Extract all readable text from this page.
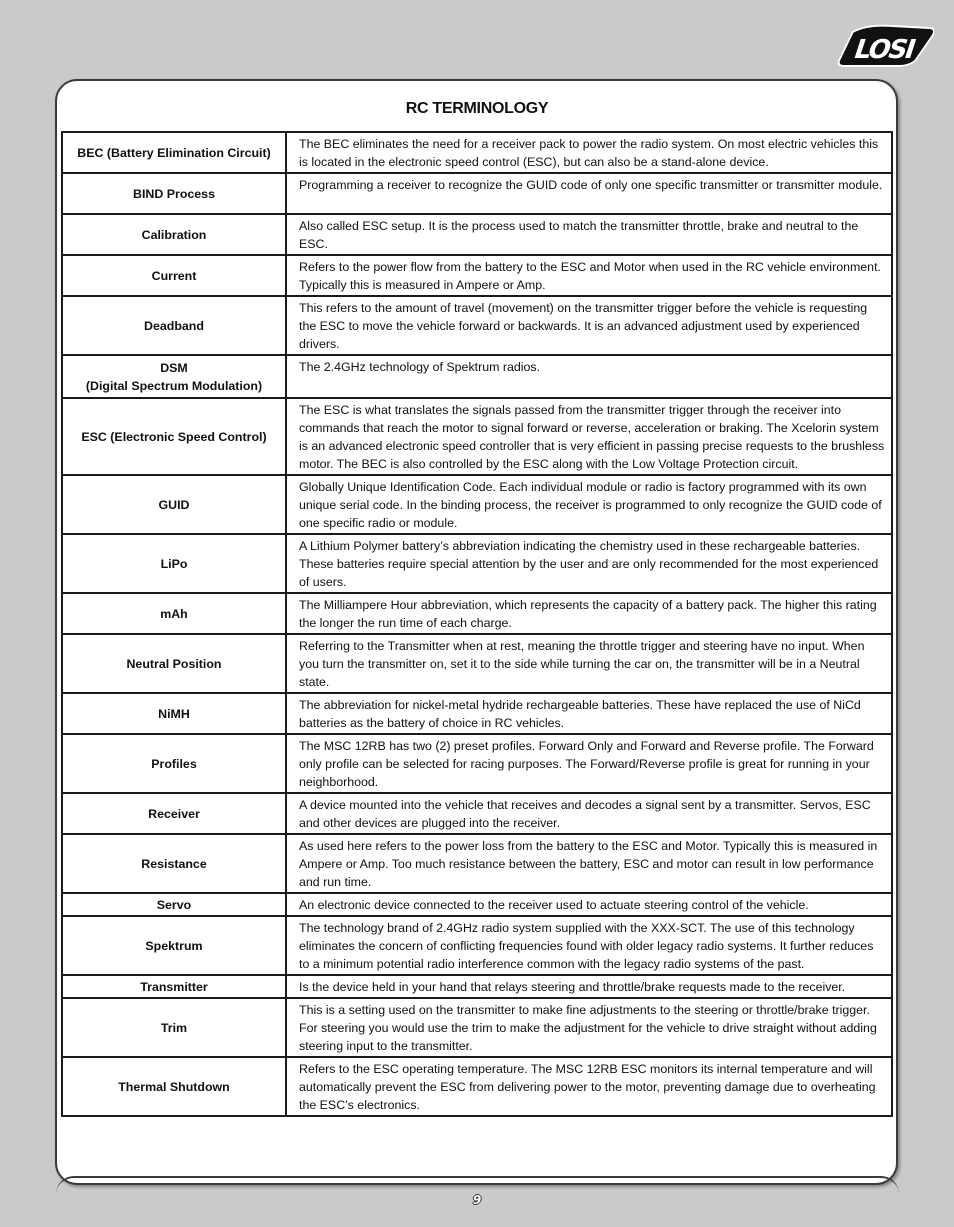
LOSI
RC TERMINOLOGY
BEC (Battery Elimination Circuit)	The BEC eliminates the need for a receiver pack to power the radio system. On most electric vehicles this is located in the electronic speed control (ESC), but can also be a stand-alone device.
BIND Process	Programming a receiver to recognize the GUID code of only one specific transmitter or transmitter module.
Calibration	Also called ESC setup. It is the process used to match the transmitter throttle, brake and neutral to the ESC.
Current	Refers to the power flow from the battery to the ESC and Motor when used in the RC vehicle environment. Typically this is measured in Ampere or Amp.
Deadband	This refers to the amount of travel (movement) on the transmitter trigger before the vehicle is requesting the ESC to move the vehicle forward or backwards. It is an advanced adjustment used by experienced drivers.
DSM
(Digital Spectrum Modulation)	The 2.4GHz technology of Spektrum radios.
ESC (Electronic Speed Control)	The ESC is what translates the signals passed from the transmitter trigger through the receiver into commands that reach the motor to signal forward or reverse, acceleration or braking. The Xcelorin system is an advanced electronic speed controller that is very efficient in passing precise requests to the brushless motor. The BEC is also controlled by the ESC along with the Low Voltage Protection circuit.
GUID	Globally Unique Identification Code. Each individual module or radio is factory programmed with its own unique serial code. In the binding process, the receiver is programmed to only recognize the GUID code of one specific radio or module.
LiPo	A Lithium Polymer battery’s abbreviation indicating the chemistry used in these rechargeable batteries. These batteries require special attention by the user and are only recommended for the most experienced of users.
mAh	The Milliampere Hour abbreviation, which represents the capacity of a battery pack. The higher this rating the longer the run time of each charge.
Neutral Position	Referring to the Transmitter when at rest, meaning the throttle trigger and steering have no input. When you turn the transmitter on, set it to the side while turning the car on, the transmitter will be in a Neutral state.
NiMH	The abbreviation for nickel-metal hydride rechargeable batteries. These have replaced the use of NiCd batteries as the battery of choice in RC vehicles.
Profiles	The MSC 12RB has two (2) preset profiles. Forward Only and Forward and Reverse profile. The Forward only profile can be selected for racing purposes. The Forward/Reverse profile is great for running in your neighborhood.
Receiver	A device mounted into the vehicle that receives and decodes a signal sent by a transmitter. Servos, ESC and other devices are plugged into the receiver.
Resistance	As used here refers to the power loss from the battery to the ESC and Motor. Typically this is measured in Ampere or Amp. Too much resistance between the battery, ESC and motor can result in low performance and run time.
Servo	An electronic device connected to the receiver used to actuate steering control of the vehicle.
Spektrum	The technology brand of 2.4GHz radio system supplied with the XXX-SCT. The use of this technology eliminates the concern of conflicting frequencies found with older legacy radio systems. It further reduces to a minimum potential radio interference common with the legacy radio systems of the past.
Transmitter	Is the device held in your hand that relays steering and throttle/brake requests made to the receiver.
Trim	This is a setting used on the transmitter to make fine adjustments to the steering or throttle/brake trigger. For steering you would use the trim to make the adjustment for the vehicle to drive straight without adding steering input to the transmitter.
Thermal Shutdown	Refers to the ESC operating temperature. The MSC 12RB ESC monitors its internal temperature and will automatically prevent the ESC from delivering power to the motor, preventing damage due to overheating the ESC’s electronics.
9
